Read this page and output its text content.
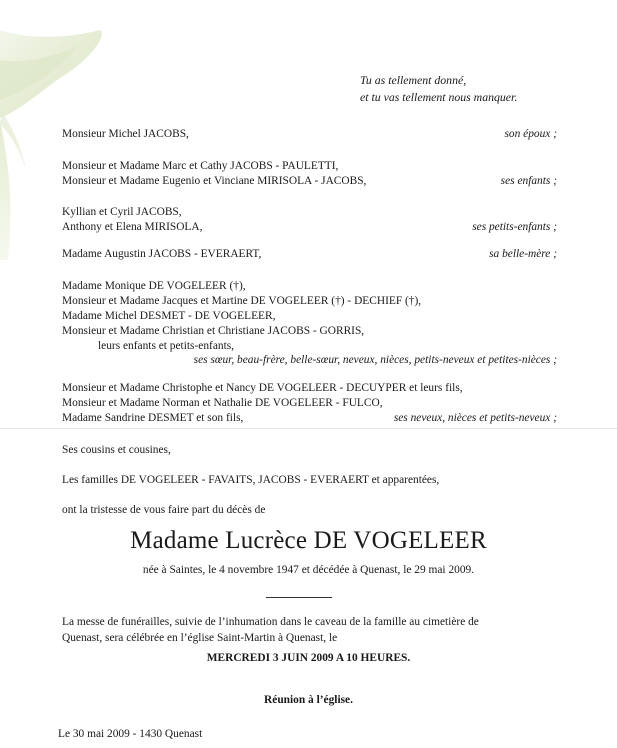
Tu as tellement donné,
et tu vas tellement nous manquer.
Monsieur Michel JACOBS,	son époux ;
Monsieur et Madame Marc et Cathy JACOBS - PAULETTI,
Monsieur et Madame Eugenio et Vinciane MIRISOLA - JACOBS,	ses enfants ;
Kyllian et Cyril JACOBS,
Anthony et Elena MIRISOLA,	ses petits-enfants ;
Madame Augustin JACOBS - EVERAERT,	sa belle-mère ;
Madame Monique DE VOGELEER (†),
Monsieur et Madame Jacques et Martine DE VOGELEER (†) - DECHIEF (†),
Madame Michel DESMET - DE VOGELEER,
Monsieur et Madame Christian et Christiane JACOBS - GORRIS,
leurs enfants et petits-enfants,
ses sœur, beau-frère, belle-sœur, neveux, nièces, petits-neveux et petites-nièces ;
Monsieur et Madame Christophe et Nancy DE VOGELEER - DECUYPER et leurs fils,
Monsieur et Madame Norman et Nathalie DE VOGELEER - FULCO,
Madame Sandrine DESMET et son fils,	ses neveux, nièces et petits-neveux ;
Ses cousins et cousines,
Les familles DE VOGELEER - FAVAITS, JACOBS - EVERAERT et apparentées,
ont la tristesse de vous faire part du décès de
Madame Lucrèce DE VOGELEER
née à Saintes, le 4 novembre 1947 et décédée à Quenast, le 29 mai 2009.
La messe de funérailles, suivie de l’inhumation dans le caveau de la famille au cimetière de
Quenast, sera célébrée en l’église Saint-Martin à Quenast, le
MERCREDI 3 JUIN 2009 A 10 HEURES.
Réunion à l’église.
Le 30 mai 2009 - 1430 Quenast
